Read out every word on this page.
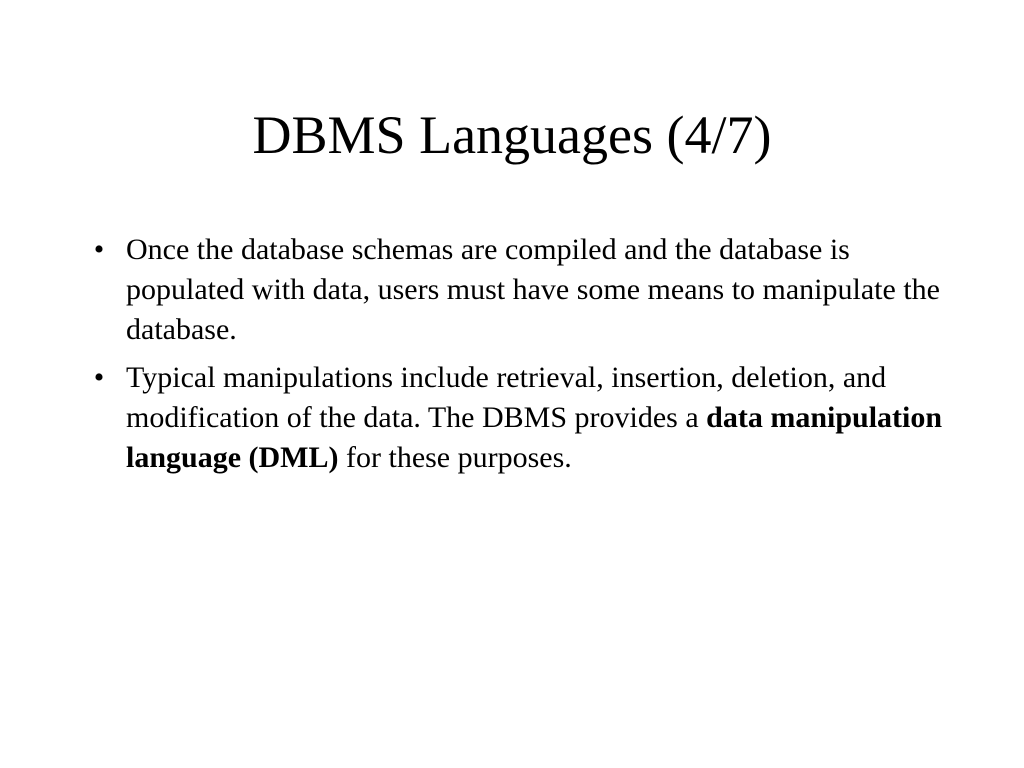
DBMS Languages (4/7)
• Once the database schemas are compiled and the database is populated with data, users must have some means to manipulate the database.
• Typical manipulations include retrieval, insertion, deletion, and modification of the data. The DBMS provides a data manipulation language (DML) for these purposes.
